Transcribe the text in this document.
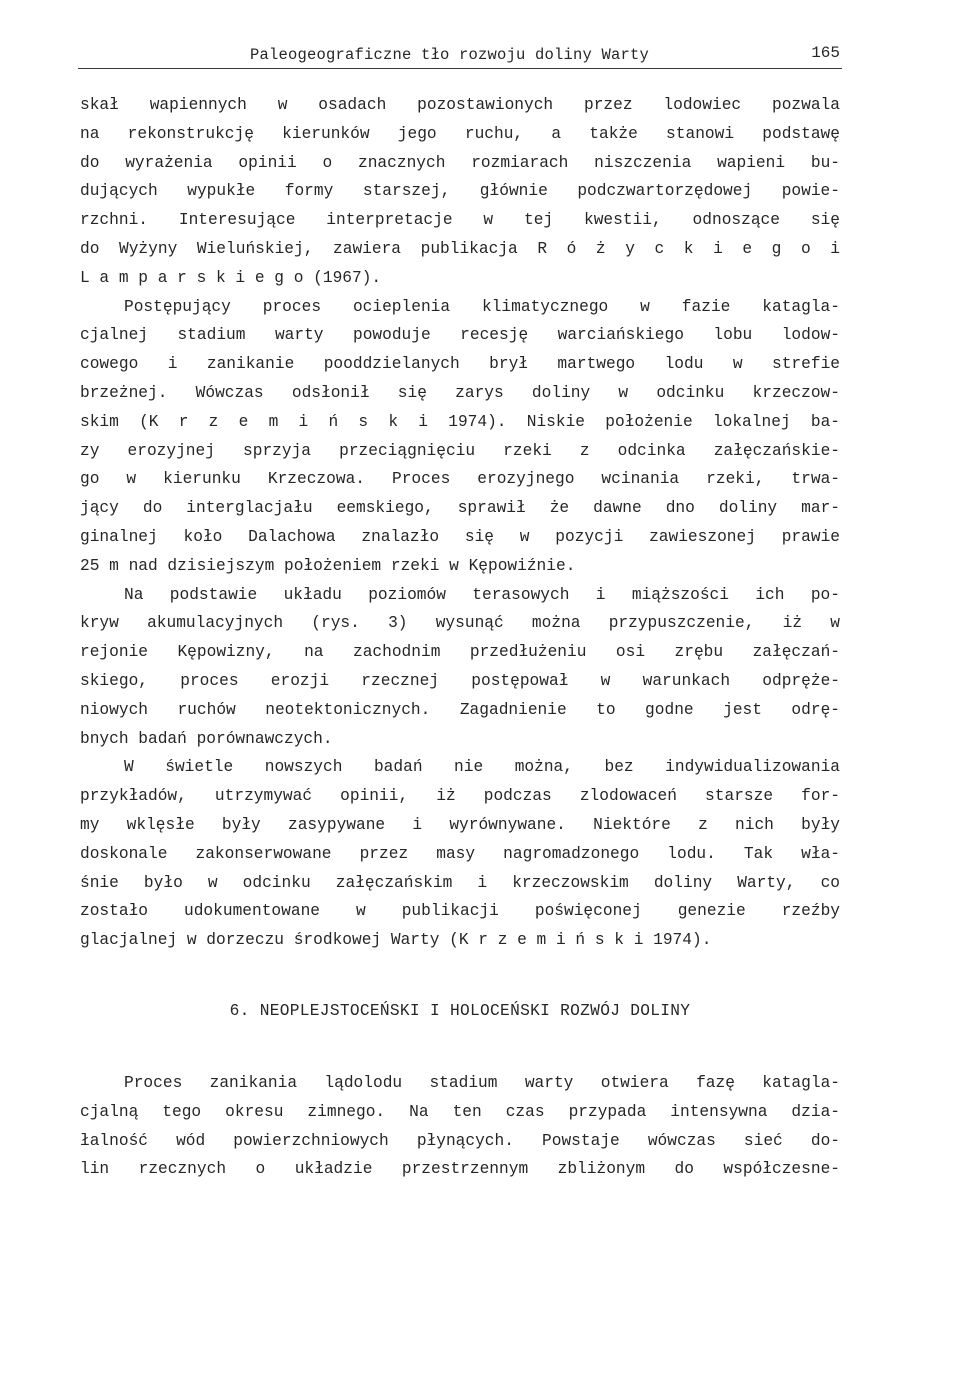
Paleogeograficzne tło rozwoju doliny Warty	165
skał wapiennych w osadach pozostawionych przez lodowiec pozwala
na rekonstrukcję kierunków jego ruchu, a także stanowi podstawę
do wyrażenia opinii o znacznych rozmiarach niszczenia wapieni bu-
dujących wypukłe formy starszej, głównie podczwartorzędowej powie-
rzchni. Interesujące interpretacje w tej kwestii, odnoszące się
do Wyżyny Wieluńskiej, zawiera publikacja R ó ż y c k i e g o i
L a m p a r s k i e g o (1967).
Postępujący proces ocieplenia klimatycznego w fazie katagla-
cjalnej stadium warty powoduje recesję warciańskiego lobu lodow-
cowego i zanikanie pooddzielanych brył martwego lodu w strefie
brzeżnej. Wówczas odsłonił się zarys doliny w odcinku krzeczow-
skim (K r z e m i ń s k i 1974). Niskie położenie lokalnej ba-
zy erozyjnej sprzyja przeciągnięciu rzeki z odcinka załęczańskie-
go w kierunku Krzeczowa. Proces erozyjnego wcinania rzeki, trwa-
jący do interglacjału eemskiego, sprawił że dawne dno doliny mar-
ginalnej koło Dalachowa znalazło się w pozycji zawieszonej prawie
25 m nad dzisiejszym położeniem rzeki w Kępowiźnie.
Na podstawie układu poziomów terasowych i miąższości ich po-
kryw akumulacyjnych (rys. 3) wysunąć można przypuszczenie, iż w
rejonie Kępowizny, na zachodnim przedłużeniu osi zrębu załęczań-
skiego, proces erozji rzecznej postępował w warunkach odpręże-
niowych ruchów neotektonicznych. Zagadnienie to godne jest odrę-
bnych badań porównawczych.
W świetle nowszych badań nie można, bez indywidualizowania
przykładów, utrzymywać opinii, iż podczas zlodowaceń starsze for-
my wklęsłe były zasypywane i wyrównywane. Niektóre z nich były
doskonale zakonserwowane przez masy nagromadzonego lodu. Tak wła-
śnie było w odcinku załęczańskim i krzeczowskim doliny Warty, co
zostało udokumentowane w publikacji poświęconej genezie rzeźby
glacjalnej w dorzeczu środkowej Warty (K r z e m i ń s k i 1974).
6. NEOPLEJSTOCEŃSKI I HOLOCEŃSKI ROZWÓJ DOLINY
Proces zanikania lądolodu stadium warty otwiera fazę katagla-
cjalną tego okresu zimnego. Na ten czas przypada intensywna dzia-
łalność wód powierzchniowych płynących. Powstaje wówczas sieć do-
lin rzecznych o układzie przestrzennym zbliżonym do współczesne-
